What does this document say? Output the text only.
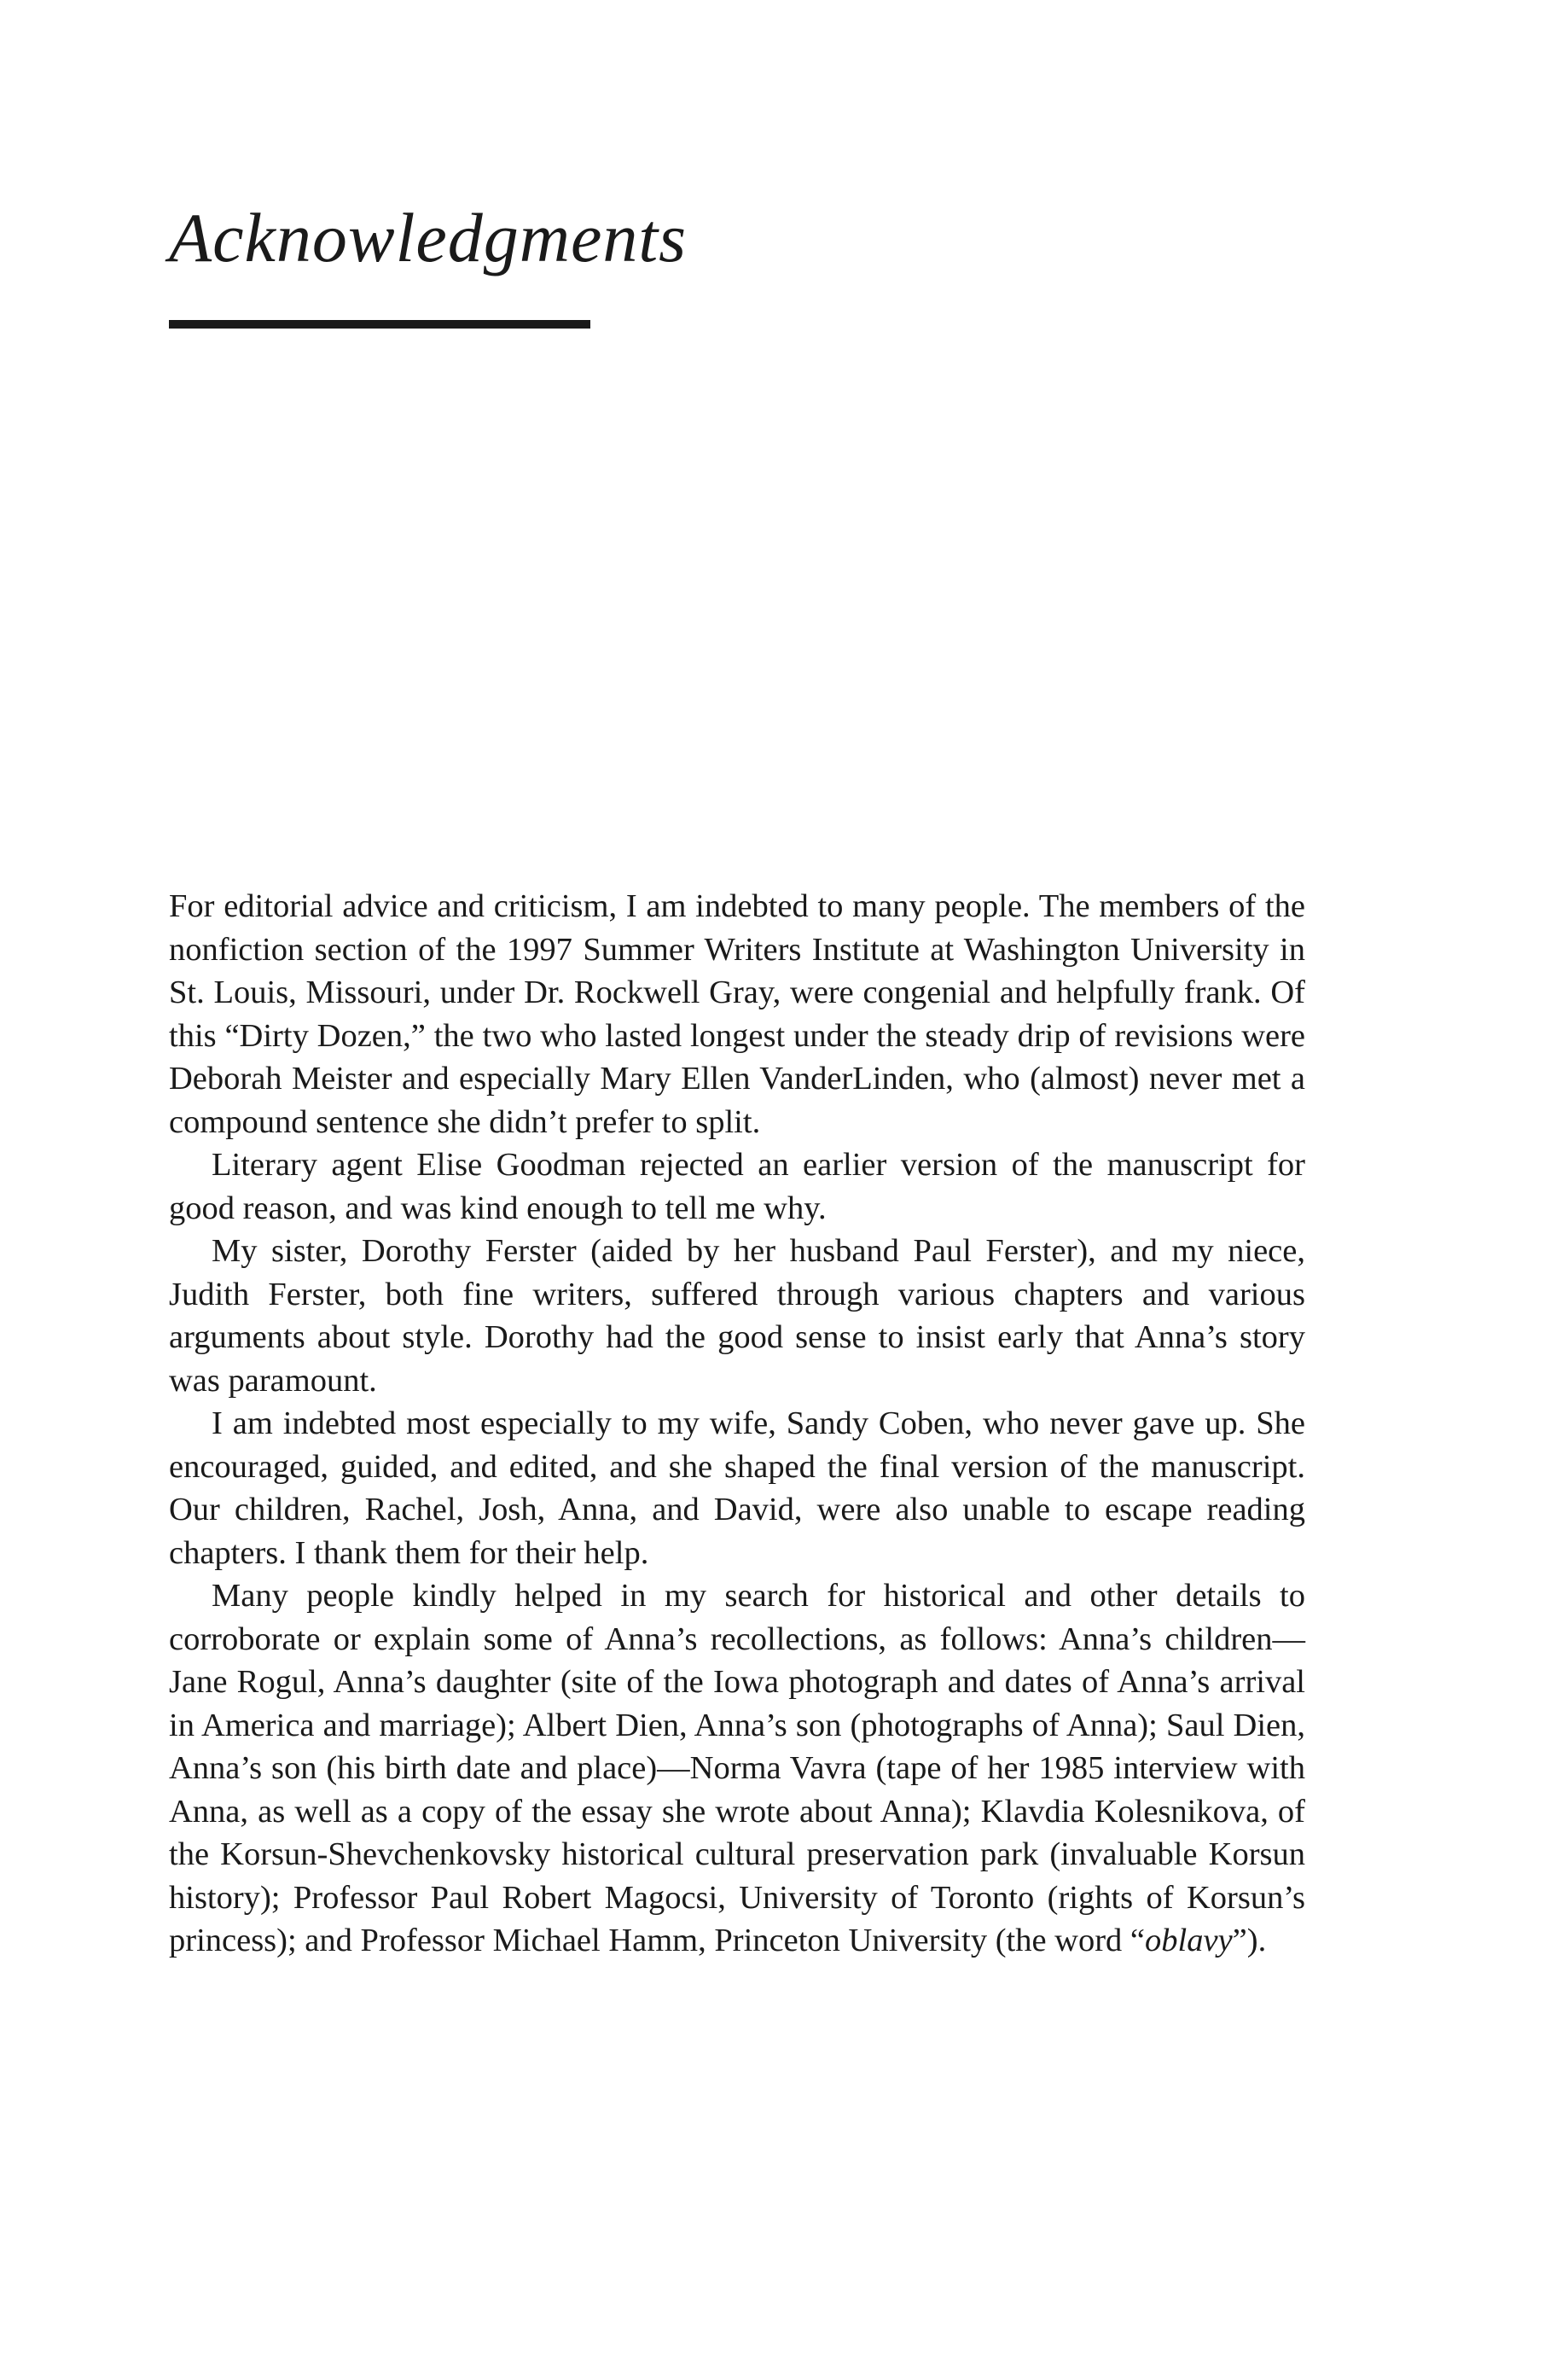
Acknowledgments

For editorial advice and criticism, I am indebted to many people. The members of the nonfiction section of the 1997 Summer Writers Institute at Washington University in St. Louis, Missouri, under Dr. Rockwell Gray, were congenial and helpfully frank. Of this “Dirty Dozen,” the two who lasted longest under the steady drip of revisions were Deborah Meister and especially Mary Ellen VanderLinden, who (almost) never met a compound sentence she didn’t prefer to split.

Literary agent Elise Goodman rejected an earlier version of the manuscript for good reason, and was kind enough to tell me why.

My sister, Dorothy Ferster (aided by her husband Paul Ferster), and my niece, Judith Ferster, both fine writers, suffered through various chapters and various arguments about style. Dorothy had the good sense to insist early that Anna’s story was paramount.

I am indebted most especially to my wife, Sandy Coben, who never gave up. She encouraged, guided, and edited, and she shaped the final version of the manuscript. Our children, Rachel, Josh, Anna, and David, were also unable to escape reading chapters. I thank them for their help.

Many people kindly helped in my search for historical and other details to corroborate or explain some of Anna’s recollections, as follows: Anna’s children—Jane Rogul, Anna’s daughter (site of the Iowa photograph and dates of Anna’s arrival in America and marriage); Albert Dien, Anna’s son (photographs of Anna); Saul Dien, Anna’s son (his birth date and place)—Norma Vavra (tape of her 1985 interview with Anna, as well as a copy of the essay she wrote about Anna); Klavdia Kolesnikova, of the Korsun-Shevchenkovsky historical cultural preservation park (invaluable Korsun history); Professor Paul Robert Magocsi, University of Toronto (rights of Korsun’s princess); and Professor Michael Hamm, Princeton University (the word “oblavy”).
